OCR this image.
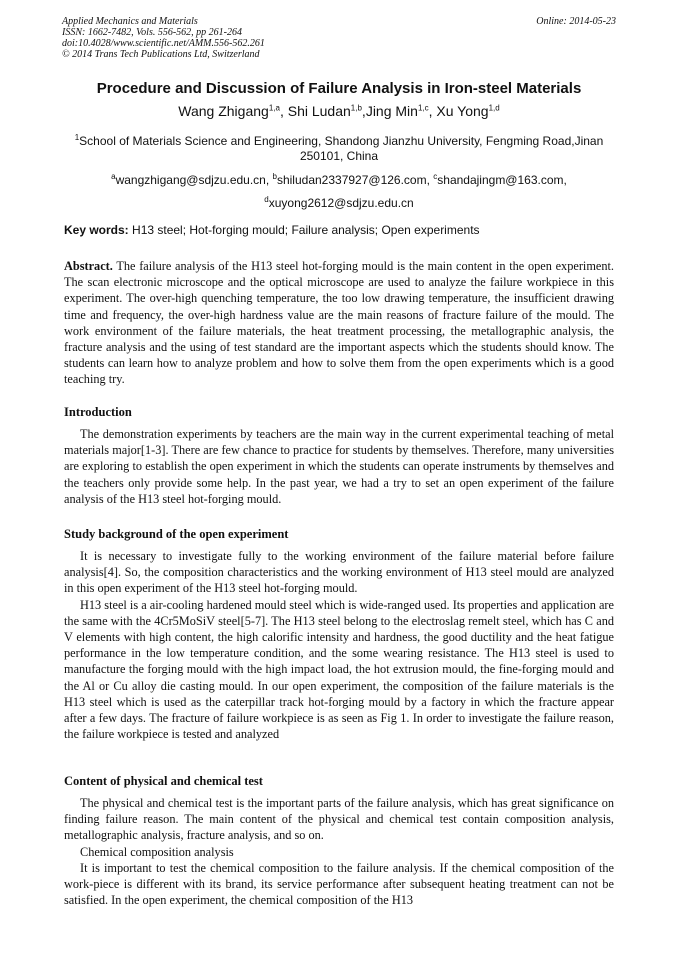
Applied Mechanics and Materials
ISSN: 1662-7482, Vols. 556-562, pp 261-264
doi:10.4028/www.scientific.net/AMM.556-562.261
© 2014 Trans Tech Publications Ltd, Switzerland
Online: 2014-05-23
Procedure and Discussion of Failure Analysis in Iron-steel Materials
Wang Zhigang$^{1,a}$, Shi Ludan$^{1,b}$,Jing Min$^{1,c}$, Xu Yong$^{1,d}$
$^1$School of Materials Science and Engineering, Shandong Jianzhu University, Fengming Road,Jinan
250101, China
$^a$wangzhigang@sdjzu.edu.cn, $^b$shiludan2337927@126.com, $^c$shandajingm@163.com,
$^d$xuyong2612@sdjzu.edu.cn
Key words: H13 steel; Hot-forging mould; Failure analysis; Open experiments

Abstract. The failure analysis of the H13 steel hot-forging mould is the main content in the open experiment. The scan electronic microscope and the optical microscope are used to analyze the failure workpiece in this experiment. The over-high quenching temperature, the too low drawing temperature, the insufficient drawing time and frequency, the over-high hardness value are the main reasons of fracture failure of the mould. The work environment of the failure materials, the heat treatment processing, the metallographic analysis, the fracture analysis and the using of test standard are the important aspects which the students should know. The students can learn how to analyze problem and how to solve them from the open experiments which is a good teaching try.

Introduction

The demonstration experiments by teachers are the main way in the current experimental teaching of metal materials major[1-3]. There are few chance to practice for students by themselves. Therefore, many universities are exploring to establish the open experiment in which the students can operate instruments by themselves and the teachers only provide some help. In the past year, we had a try to set an open experiment of the failure analysis of the H13 steel hot-forging mould.

Study background of the open experiment

It is necessary to investigate fully to the working environment of the failure material before failure analysis[4]. So, the composition characteristics and the working environment of H13 steel mould are analyzed in this open experiment of the H13 steel hot-forging mould.

H13 steel is a air-cooling hardened mould steel which is wide-ranged used. Its properties and application are the same with the 4Cr5MoSiV steel[5-7]. The H13 steel belong to the electroslag remelt steel, which has C and V elements with high content, the high calorific intensity and hardness, the good ductility and the heat fatigue performance in the low temperature condition, and the some wearing resistance. The H13 steel is used to manufacture the forging mould with the high impact load, the hot extrusion mould, the fine-forging mould and the Al or Cu alloy die casting mould. In our open experiment, the composition of the failure materials is the H13 steel which is used as the caterpillar track hot-forging mould by a factory in which the fracture appear after a few days. The fracture of failure workpiece is as seen as Fig 1. In order to investigate the failure reason, the failure workpiece is tested and analyzed

Content of physical and chemical test

The physical and chemical test is the important parts of the failure analysis, which has great significance on finding failure reason. The main content of the physical and chemical test contain composition analysis, metallographic analysis, fracture analysis, and so on.

Chemical composition analysis

It is important to test the chemical composition to the failure analysis. If the chemical composition of the work-piece is different with its brand, its service performance after subsequent heating treatment can not be satisfied. In the open experiment, the chemical composition of the H13
